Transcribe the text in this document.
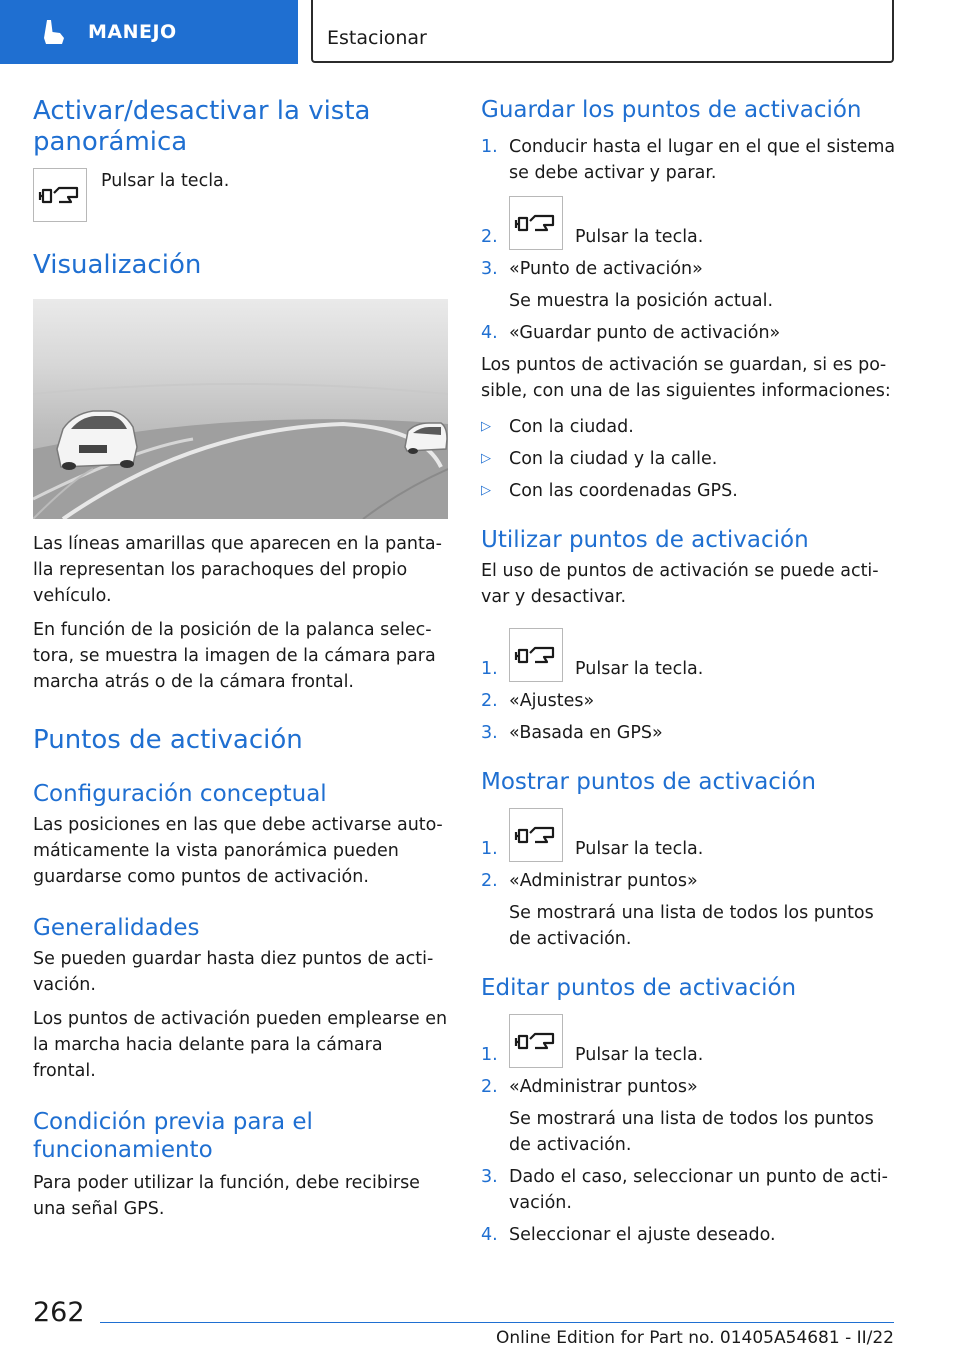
MANEJO	Estacionar
Activar/desactivar la vista panorámica
Pulsar la tecla.
Visualización

Las líneas amarillas que aparecen en la pantalla representan los parachoques del propio vehículo.

En función de la posición de la palanca selectora, se muestra la imagen de la cámara para marcha atrás o de la cámara frontal.

Puntos de activación
Configuración conceptual

Las posiciones en las que debe activarse automáticamente la vista panorámica pueden guardarse como puntos de activación.

Generalidades

Se pueden guardar hasta diez puntos de activación.

Los puntos de activación pueden emplearse en la marcha hacia delante para la cámara frontal.

Condición previa para el funcionamiento

Para poder utilizar la función, debe recibirse una señal GPS.

Guardar los puntos de activación
1. Conducir hasta el lugar en el que el sistema se debe activar y parar.
2.	Pulsar la tecla.
3. «Punto de activación»
Se muestra la posición actual.
4. «Guardar punto de activación»

Los puntos de activación se guardan, si es posible, con una de las siguientes informaciones:

▷	Con la ciudad.
▷	Con la ciudad y la calle.
▷	Con las coordenadas GPS.
Utilizar puntos de activación

El uso de puntos de activación se puede activar y desactivar.

1.	Pulsar la tecla.
2. «Ajustes»
3. «Basada en GPS»
Mostrar puntos de activación
1.	Pulsar la tecla.
2. «Administrar puntos»
Se mostrará una lista de todos los puntos de activación.
Editar puntos de activación
1.	Pulsar la tecla.
2. «Administrar puntos»
Se mostrará una lista de todos los puntos de activación.
3. Dado el caso, seleccionar un punto de activación.
4. Seleccionar el ajuste deseado.
262
Online Edition for Part no. 01405A54681 - II/22
